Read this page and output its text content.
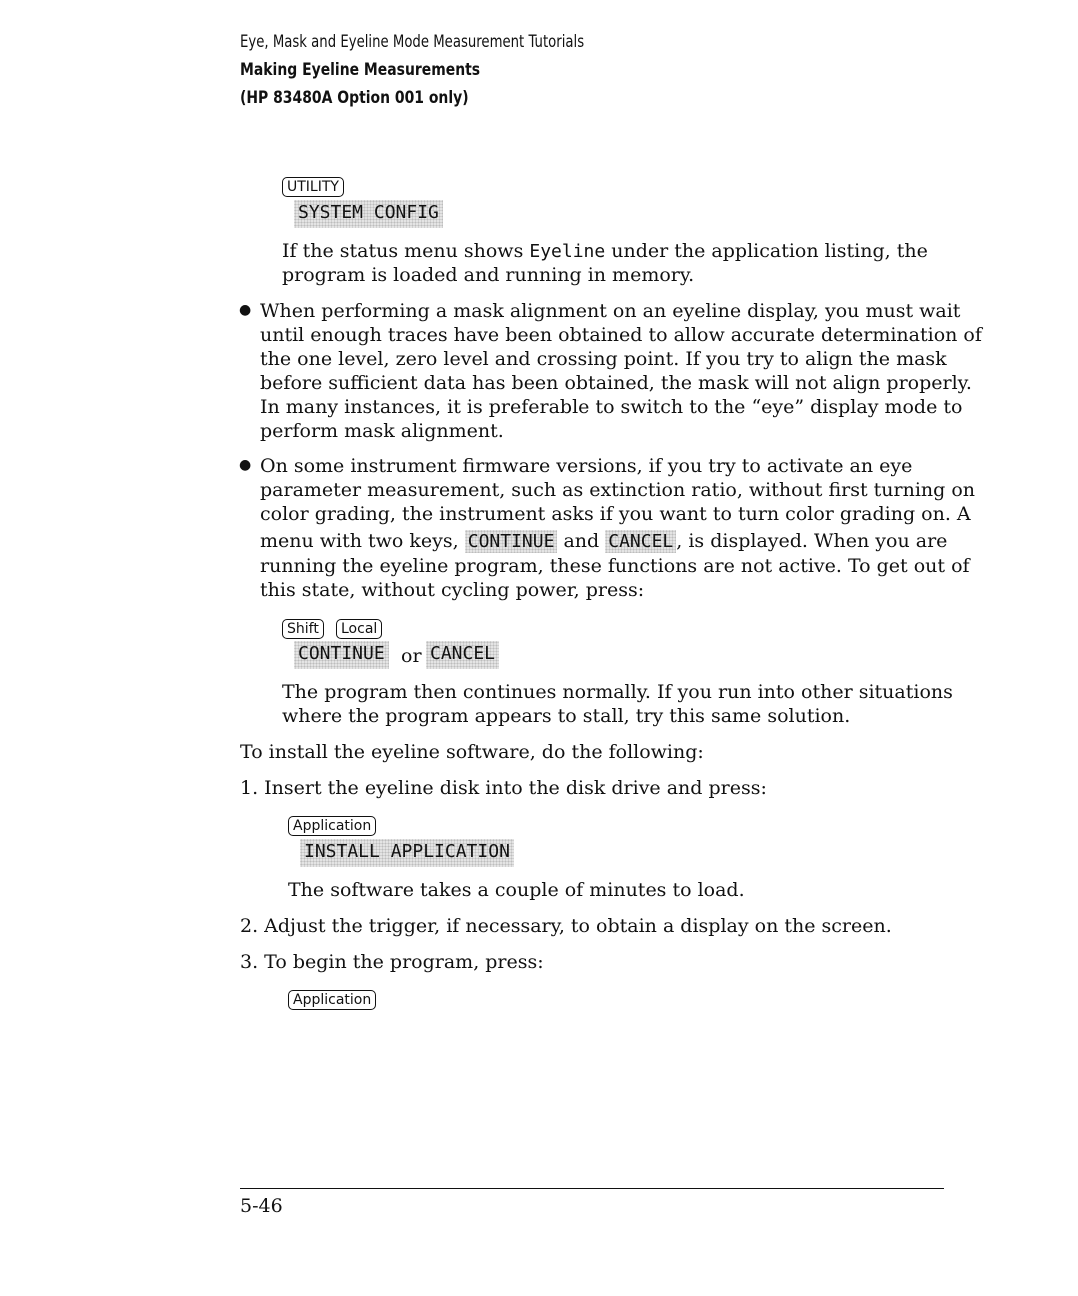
Eye, Mask and Eyeline Mode Measurement Tutorials
Making Eyeline Measurements
(HP 83480A Option 001 only)
UTILITY
SYSTEM CONFIG
If the status menu shows Eyeline under the application listing, the
program is loaded and running in memory.
● When performing a mask alignment on an eyeline display, you must wait
until enough traces have been obtained to allow accurate determination of
the one level, zero level and crossing point. If you try to align the mask
before sufficient data has been obtained, the mask will not align properly.
In many instances, it is preferable to switch to the “eye” display mode to
perform mask alignment.
● On some instrument firmware versions, if you try to activate an eye
parameter measurement, such as extinction ratio, without first turning on
color grading, the instrument asks if you want to turn color grading on. A
menu with two keys, CONTINUE and CANCEL , is displayed. When you are
running the eyeline program, these functions are not active. To get out of
this state, without cycling power, press:
Shift	Local
CONTINUE or CANCEL
The program then continues normally. If you run into other situations
where the program appears to stall, try this same solution.
To install the eyeline software, do the following:
1. Insert the eyeline disk into the disk drive and press:
Application
INSTALL APPLICATION
The software takes a couple of minutes to load.
2. Adjust the trigger, if necessary, to obtain a display on the screen.
3. To begin the program, press:
Application
5-46
